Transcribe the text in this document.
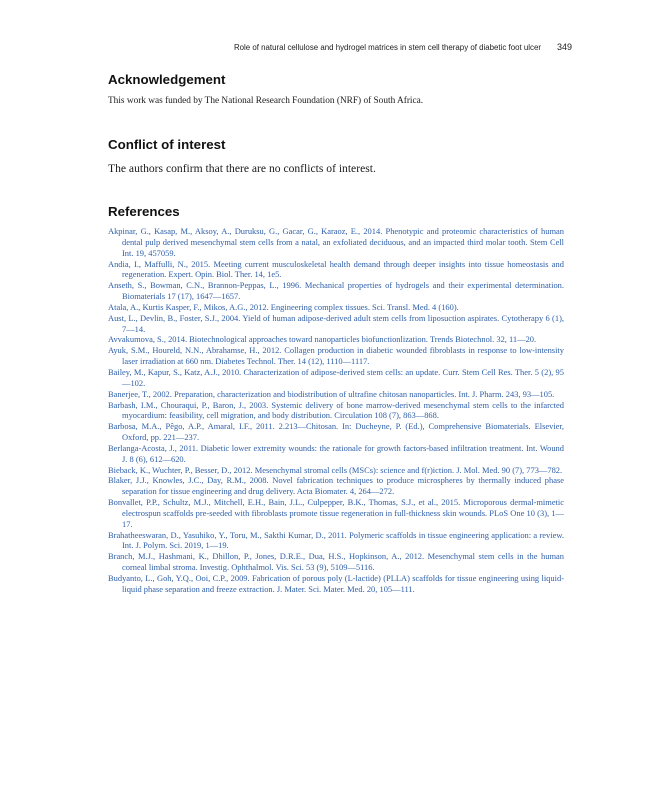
Role of natural cellulose and hydrogel matrices in stem cell therapy of diabetic foot ulcer 349
Acknowledgement

This work was funded by The National Research Foundation (NRF) of South Africa.

Conflict of interest

The authors confirm that there are no conflicts of interest.

References
Akpinar, G., Kasap, M., Aksoy, A., Duruksu, G., Gacar, G., Karaoz, E., 2014. Phenotypic and proteomic characteristics of human dental pulp derived mesenchymal stem cells from a natal, an exfoliated deciduous, and an impacted third molar tooth. Stem Cell Int. 19, 457059.
Andia, I., Maffulli, N., 2015. Meeting current musculoskeletal health demand through deeper insights into tissue homeostasis and regeneration. Expert. Opin. Biol. Ther. 14, 1e5.
Anseth, S., Bowman, C.N., Brannon-Peppas, L., 1996. Mechanical properties of hydrogels and their experimental determination. Biomaterials 17 (17), 1647—1657.
Atala, A., Kurtis Kasper, F., Mikos, A.G., 2012. Engineering complex tissues. Sci. Transl. Med. 4 (160).
Aust, L., Devlin, B., Foster, S.J., 2004. Yield of human adipose-derived adult stem cells from liposuction aspirates. Cytotherapy 6 (1), 7—14.
Avvakumova, S., 2014. Biotechnological approaches toward nanoparticles biofunctionlization. Trends Biotechnol. 32, 11—20.
Ayuk, S.M., Houreld, N.N., Abrahamse, H., 2012. Collagen production in diabetic wounded fibroblasts in response to low-intensity laser irradiation at 660 nm. Diabetes Technol. Ther. 14 (12), 1110—1117.
Bailey, M., Kapur, S., Katz, A.J., 2010. Characterization of adipose-derived stem cells: an update. Curr. Stem Cell Res. Ther. 5 (2), 95—102.
Banerjee, T., 2002. Preparation, characterization and biodistribution of ultrafine chitosan nanoparticles. Int. J. Pharm. 243, 93—105.
Barbash, I.M., Chouraqui, P., Baron, J., 2003. Systemic delivery of bone marrow-derived mesenchymal stem cells to the infarcted myocardium: feasibility, cell migration, and body distribution. Circulation 108 (7), 863—868.
Barbosa, M.A., Pêgo, A.P., Amaral, I.F., 2011. 2.213—Chitosan. In: Ducheyne, P. (Ed.), Comprehensive Biomaterials. Elsevier, Oxford, pp. 221—237.
Berlanga-Acosta, J., 2011. Diabetic lower extremity wounds: the rationale for growth factors-based infiltration treatment. Int. Wound J. 8 (6), 612—620.
Bieback, K., Wuchter, P., Besser, D., 2012. Mesenchymal stromal cells (MSCs): science and f(r)iction. J. Mol. Med. 90 (7), 773—782.
Blaker, J.J., Knowles, J.C., Day, R.M., 2008. Novel fabrication techniques to produce microspheres by thermally induced phase separation for tissue engineering and drug delivery. Acta Biomater. 4, 264—272.
Bonvallet, P.P., Schultz, M.J., Mitchell, E.H., Bain, J.L., Culpepper, B.K., Thomas, S.J., et al., 2015. Microporous dermal-mimetic electrospun scaffolds pre-seeded with fibroblasts promote tissue regeneration in full-thickness skin wounds. PLoS One 10 (3), 1—17.
Brahatheeswaran, D., Yasuhiko, Y., Toru, M., Sakthi Kumar, D., 2011. Polymeric scaffolds in tissue engineering application: a review. Int. J. Polym. Sci. 2019, 1—19.
Branch, M.J., Hashmani, K., Dhillon, P., Jones, D.R.E., Dua, H.S., Hopkinson, A., 2012. Mesenchymal stem cells in the human corneal limbal stroma. Investig. Ophthalmol. Vis. Sci. 53 (9), 5109—5116.
Budyanto, L., Goh, Y.Q., Ooi, C.P., 2009. Fabrication of porous poly (L-lactide) (PLLA) scaffolds for tissue engineering using liquid-liquid phase separation and freeze extraction. J. Mater. Sci. Mater. Med. 20, 105—111.
